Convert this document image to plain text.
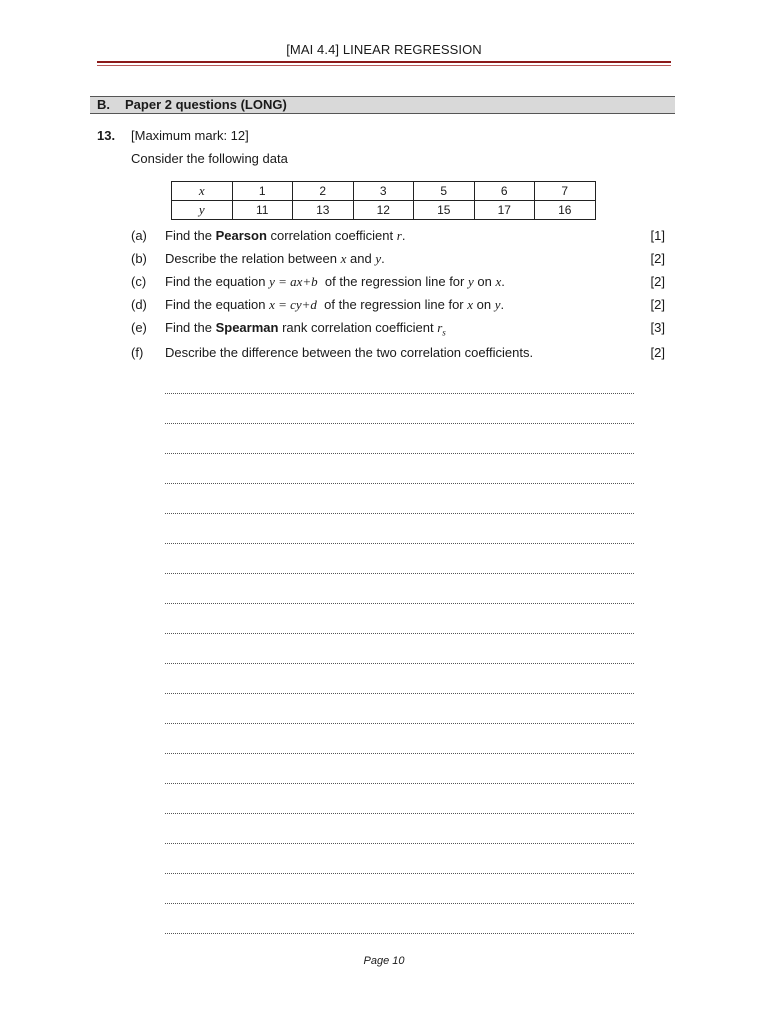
[MAI 4.4] LINEAR REGRESSION
B. Paper 2 questions (LONG)
13. [Maximum mark: 12]
Consider the following data
x	1	2	3	5	6	7
y	11	13	12	15	17	16
(a) Find the Pearson correlation coefficient r.	[1]
(b) Describe the relation between x and y.	[2]
(c) Find the equation y = ax+b  of the regression line for y on x.	[2]
(d) Find the equation x = cy+d  of the regression line for x on y.	[2]
(e) Find the Spearman rank correlation coefficient $r_s$	[3]
(f) Describe the difference between the two correlation coefficients.	[2]
Page 10
